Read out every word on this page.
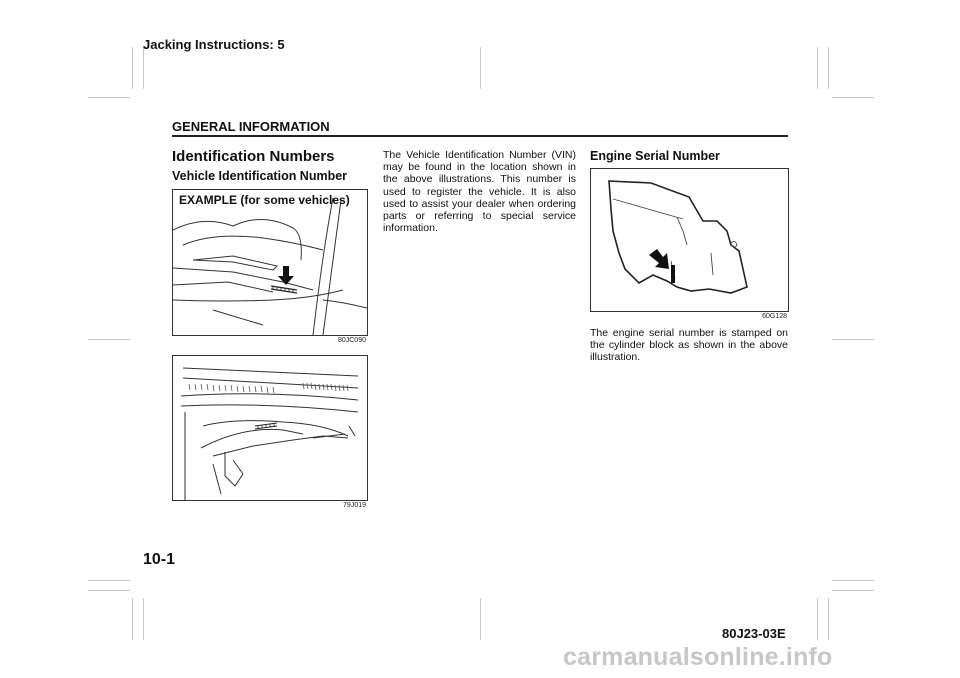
Jacking Instructions: 5
GENERAL INFORMATION
Identification Numbers
Vehicle Identification Number
EXAMPLE (for some vehicles)
80JC090
79J019
The Vehicle Identification Number (VIN) may be found in the location shown in the above illustrations. This number is used to register the vehicle. It is also used to assist your dealer when ordering parts or referring to special service information.
Engine Serial Number
60G128
The engine serial number is stamped on the cylinder block as shown in the above illustration.
10-1
80J23-03E
carmanualsonline.info
